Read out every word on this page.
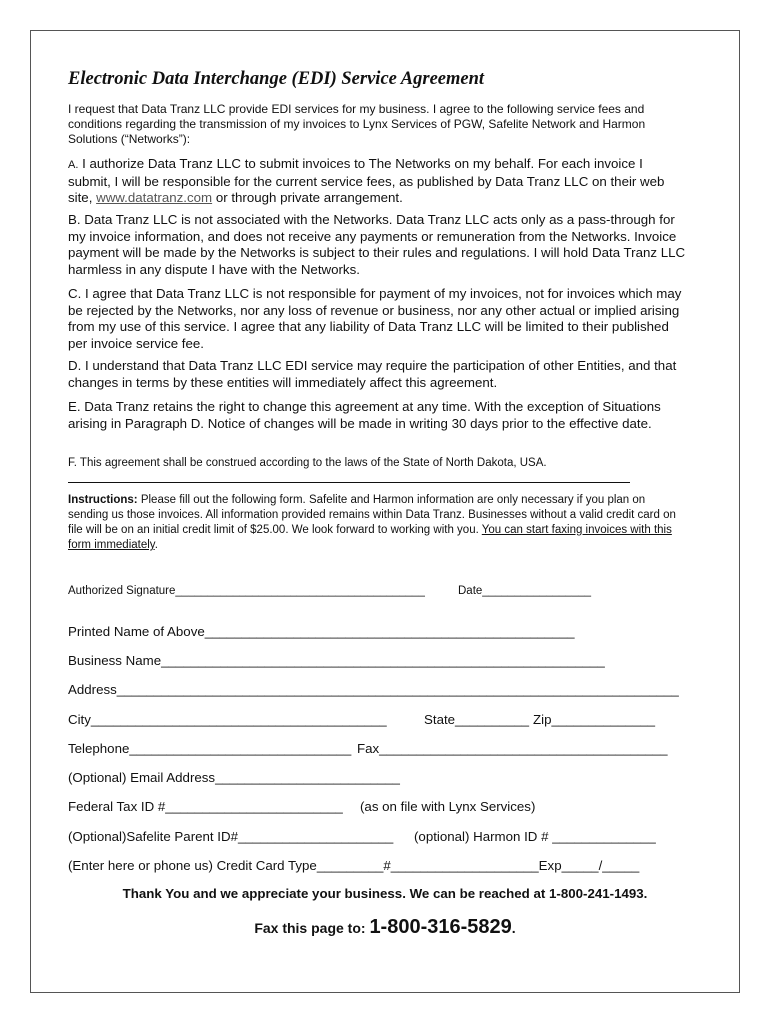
Electronic Data Interchange (EDI) Service Agreement
I request that Data Tranz LLC provide EDI services for my business. I agree to the following service fees and conditions regarding the transmission of my invoices to Lynx Services of PGW, Safelite Network and Harmon Solutions (“Networks”):
A. I authorize Data Tranz LLC to submit invoices to The Networks on my behalf. For each invoice I submit, I will be responsible for the current service fees, as published by Data Tranz LLC on their web site, www.datatranz.com or through private arrangement.
B. Data Tranz LLC is not associated with the Networks. Data Tranz LLC acts only as a pass-through for my invoice information, and does not receive any payments or remuneration from the Networks. Invoice payment will be made by the Networks is subject to their rules and regulations. I will hold Data Tranz LLC harmless in any dispute I have with the Networks.
C. I agree that Data Tranz LLC is not responsible for payment of my invoices, not for invoices which may be rejected by the Networks, nor any loss of revenue or business, nor any other actual or implied arising from my use of this service. I agree that any liability of Data Tranz LLC will be limited to their published per invoice service fee.
D. I understand that Data Tranz LLC EDI service may require the participation of other Entities, and that changes in terms by these entities will immediately affect this agreement.
E. Data Tranz retains the right to change this agreement at any time. With the exception of Situations arising in Paragraph D. Notice of changes will be made in writing 30 days prior to the effective date.
F. This agreement shall be construed according to the laws of the State of North Dakota, USA.
Instructions: Please fill out the following form. Safelite and Harmon information are only necessary if you plan on sending us those invoices. All information provided remains within Data Tranz. Businesses without a valid credit card on file will be on an initial credit limit of $25.00. We look forward to working with you. You can start faxing invoices with this form immediately.
Authorized Signature_______________________________________	Date_________________
Printed Name of Above__________________________________________________
Business Name____________________________________________________________
Address____________________________________________________________________________
City________________________________________	State__________ Zip______________
Telephone______________________________ Fax_______________________________________
(Optional) Email Address_________________________
Federal Tax ID #________________________ (as on file with Lynx Services)
(Optional)Safelite Parent ID#_____________________ (optional) Harmon ID # ______________
(Enter here or phone us) Credit Card Type_________#____________________Exp_____/_____
Thank You and we appreciate your business. We can be reached at 1-800-241-1493.
Fax this page to: 1-800-316-5829.
